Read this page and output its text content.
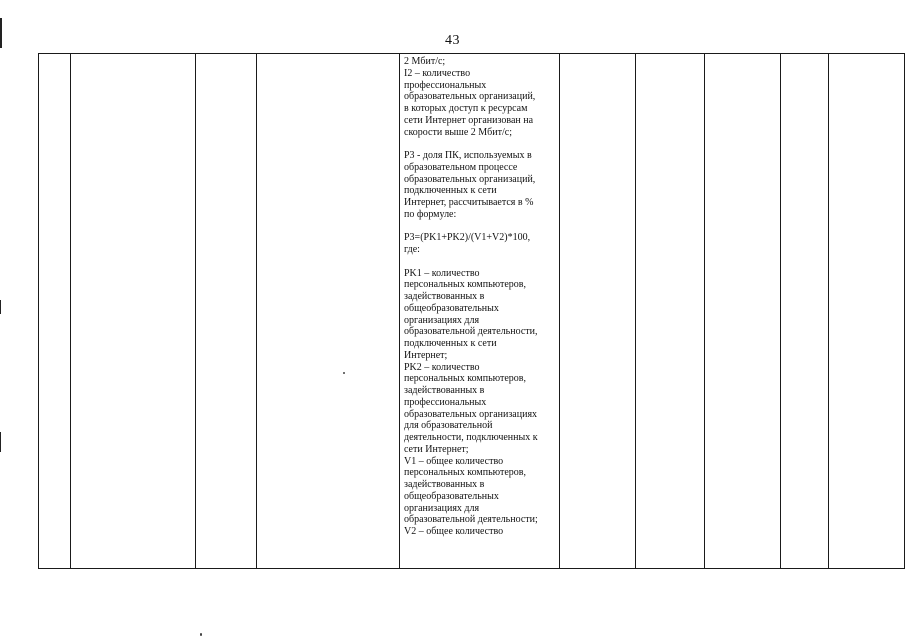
43

2 Мбит/с;
I2 – количество
профессиональных
образовательных организаций,
в которых доступ к ресурсам
сети Интернет организован на
скорости выше 2 Мбит/с;

P3 - доля ПК, используемых в
образовательном процессе
образовательных организаций,
подключенных к сети
Интернет, рассчитывается в %
по формуле:

P3=(PK1+PK2)/(V1+V2)*100,
где:

PK1 – количество
персональных компьютеров,
задействованных в
общеобразовательных
организациях для
образовательной деятельности,
подключенных к сети
Интернет;
PK2 – количество
персональных компьютеров,
задействованных в
профессиональных
образовательных организациях
для образовательной
деятельности, подключенных к
сети Интернет;
V1 – общее количество
персональных компьютеров,
задействованных в
общеобразовательных
организациях для
образовательной деятельности;
V2 – общее количество
